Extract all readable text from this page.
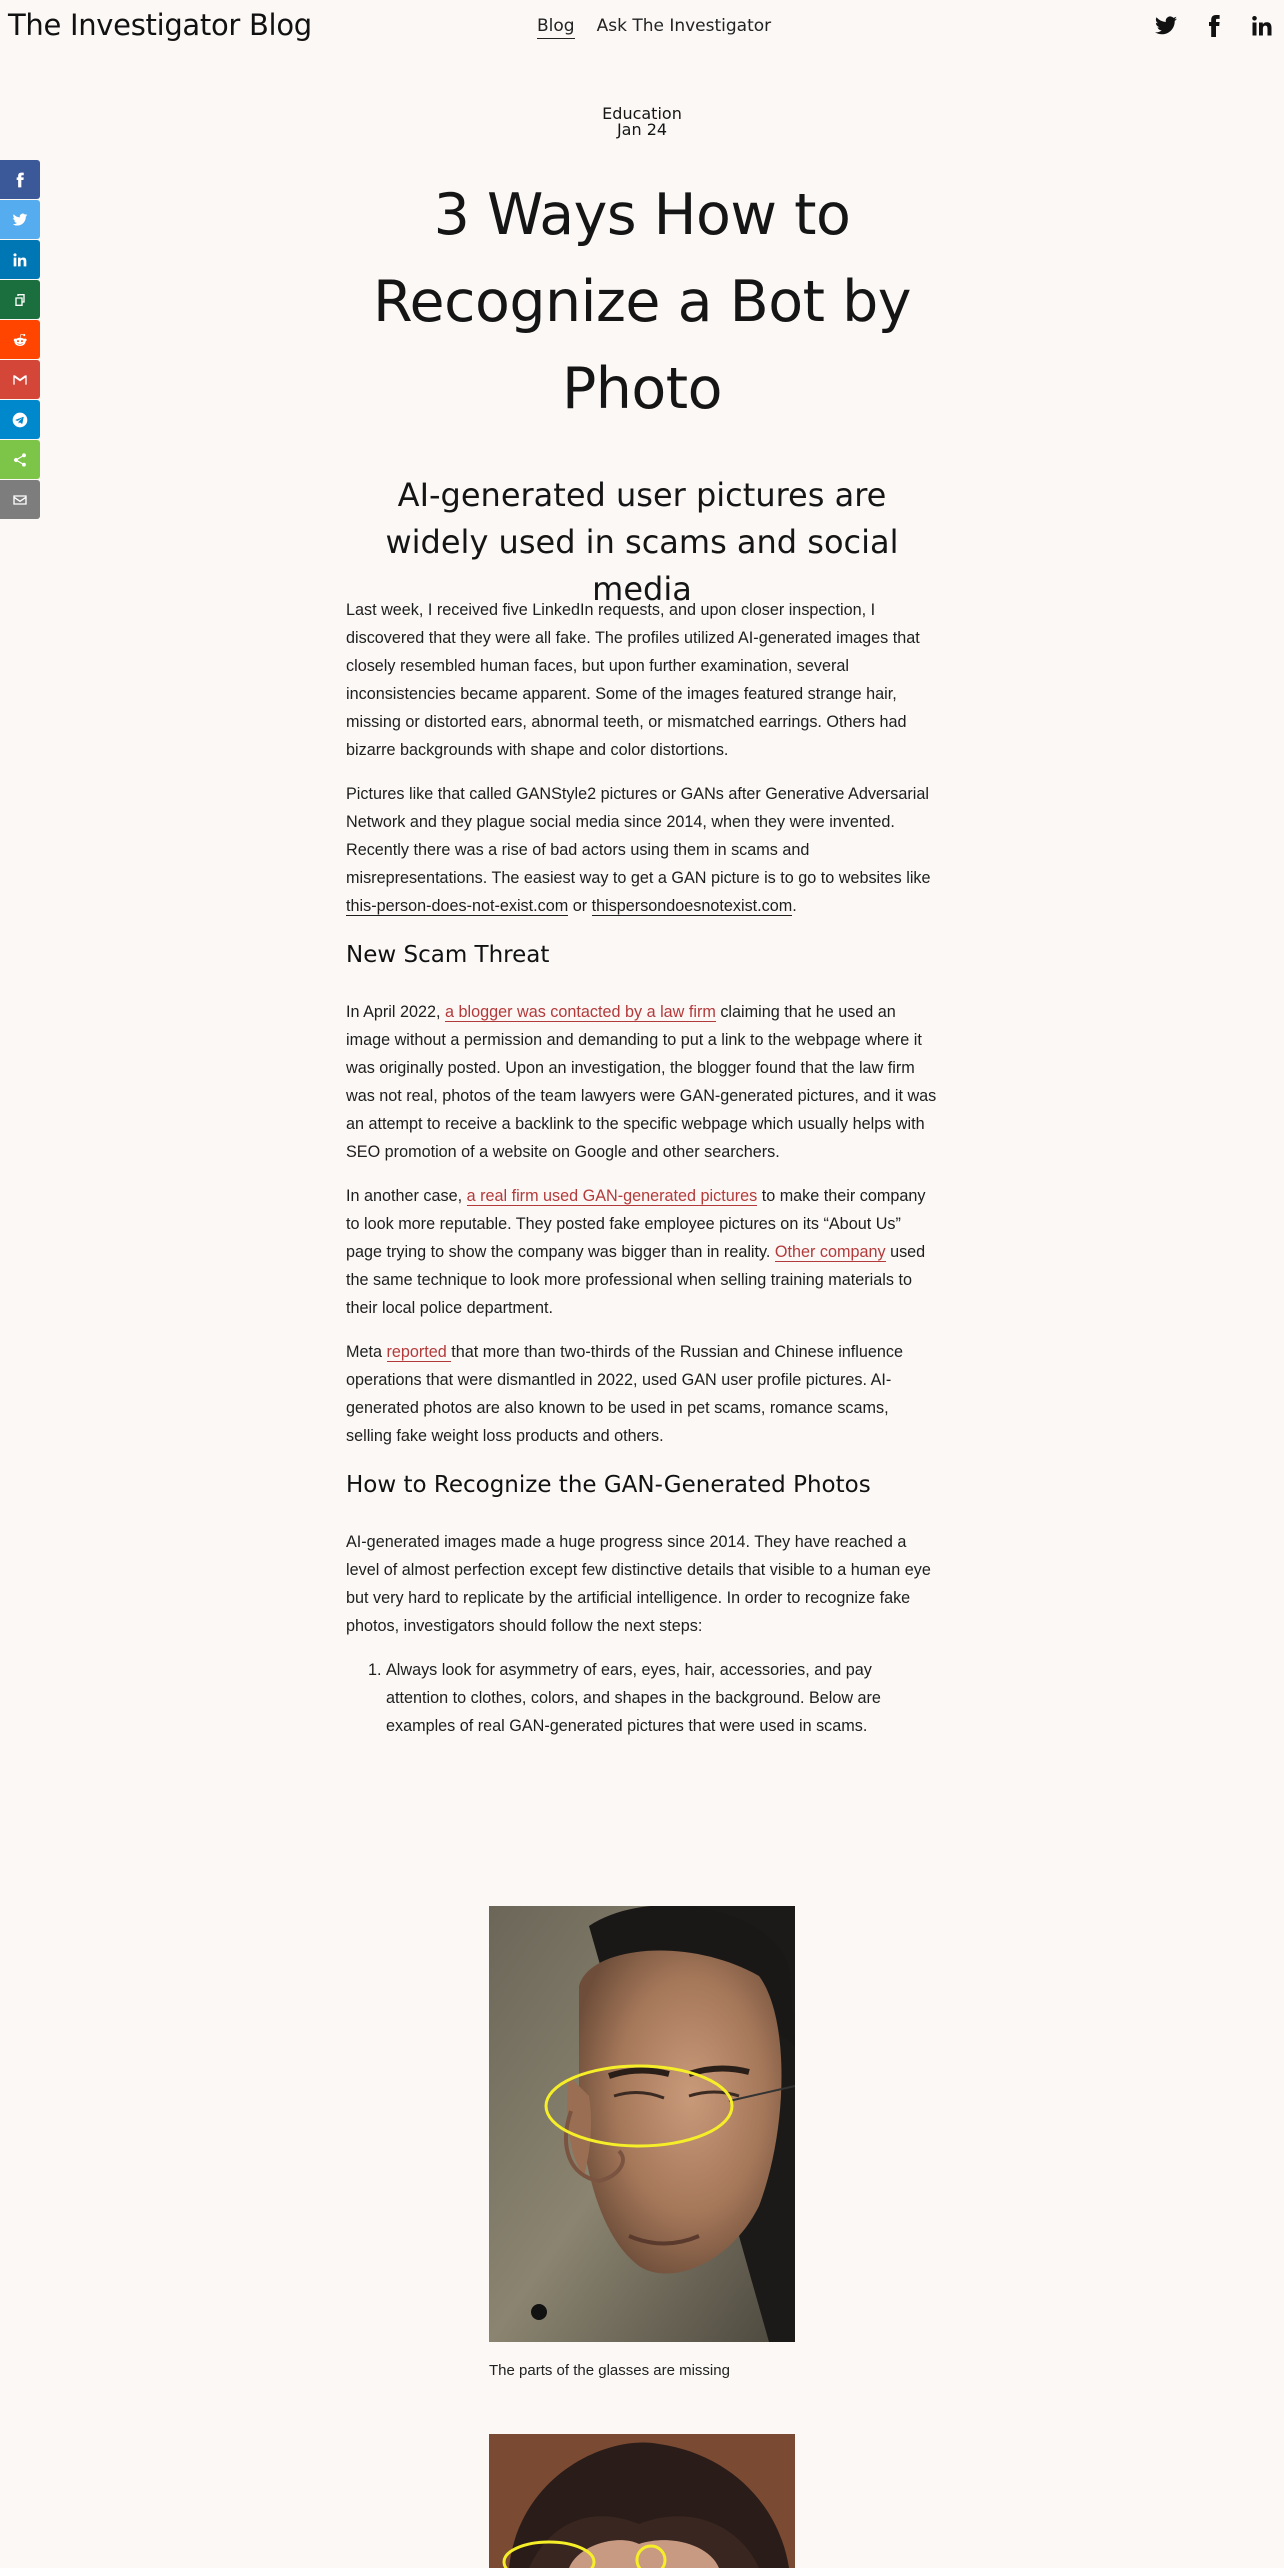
The Investigator Blog	Blog Ask The Investigator
Education
Jan 24
3 Ways How to Recognize a Bot by Photo
AI-generated user pictures are widely used in scams and social media

Last week, I received five LinkedIn requests, and upon closer inspection, I discovered that they were all fake. The profiles utilized AI-generated images that closely resembled human faces, but upon further examination, several inconsistencies became apparent. Some of the images featured strange hair, missing or distorted ears, abnormal teeth, or mismatched earrings. Others had bizarre backgrounds with shape and color distortions.

Pictures like that called GANStyle2 pictures or GANs after Generative Adversarial Network and they plague social media since 2014, when they were invented. Recently there was a rise of bad actors using them in scams and misrepresentations. The easiest way to get a GAN picture is to go to websites like this-person-does-not-exist.com or thispersondoesnotexist.com.

New Scam Threat

In April 2022, a blogger was contacted by a law firm claiming that he used an image without a permission and demanding to put a link to the webpage where it was originally posted. Upon an investigation, the blogger found that the law firm was not real, photos of the team lawyers were GAN-generated pictures, and it was an attempt to receive a backlink to the specific webpage which usually helps with SEO promotion of a website on Google and other searchers.

In another case, a real firm used GAN-generated pictures to make their company to look more reputable. They posted fake employee pictures on its “About Us” page trying to show the company was bigger than in reality. Other company used the same technique to look more professional when selling training materials to their local police department.

Meta reported that more than two-thirds of the Russian and Chinese influence operations that were dismantled in 2022, used GAN user profile pictures. AI-generated photos are also known to be used in pet scams, romance scams, selling fake weight loss products and others.

How to Recognize the GAN-Generated Photos

AI-generated images made a huge progress since 2014. They have reached a level of almost perfection except few distinctive details that visible to a human eye but very hard to replicate by the artificial intelligence. In order to recognize fake photos, investigators should follow the next steps:

1. Always look for asymmetry of ears, eyes, hair, accessories, and pay attention to clothes, colors, and shapes in the background. Below are examples of real GAN-generated pictures that were used in scams.
The parts of the glasses are missing
